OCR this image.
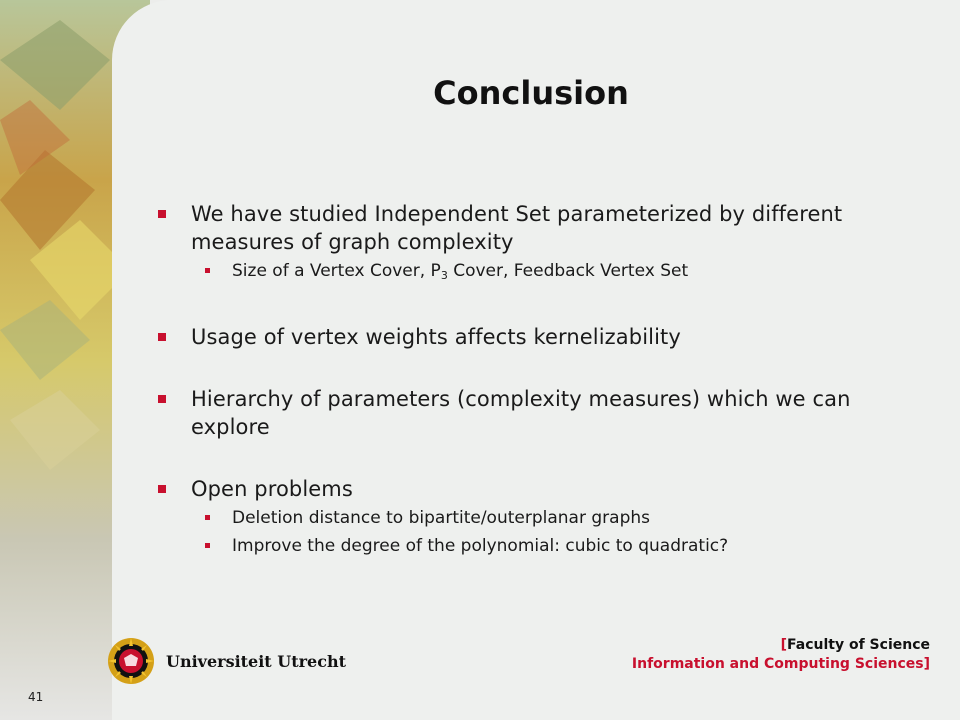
Conclusion
We have studied Independent Set parameterized by different measures of graph complexity
Size of a Vertex Cover, $P_3$ Cover, Feedback Vertex Set
Usage of vertex weights affects kernelizability
Hierarchy of parameters (complexity measures) which we can explore
Open problems
Deletion distance to bipartite/outerplanar graphs
Improve the degree of the polynomial: cubic to quadratic?
Universiteit Utrecht
[Faculty of Science
Information and Computing Sciences]
41
